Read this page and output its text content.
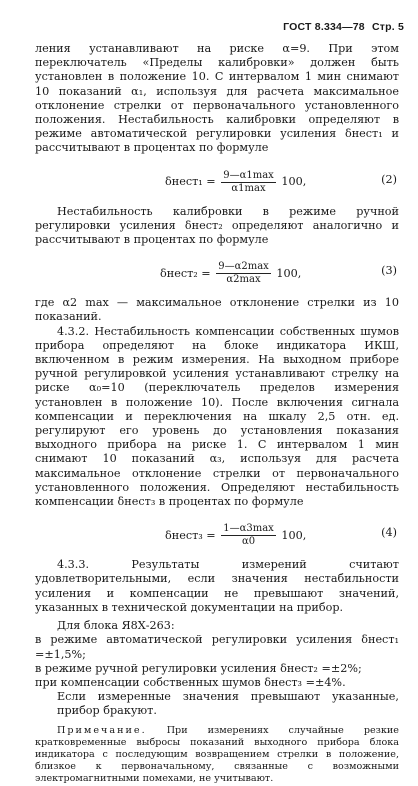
ГОСТ 8.334—78 Стр. 5

ления устанавливают на риске α=9. При этом переключатель «Пределы калибровки» должен быть установлен в положение 10. С интервалом 1 мин снимают 10 показаний α₁, используя для расчета максимальное отклонение стрелки от первоначального установленного положения. Нестабильность калибровки определяют в режиме автоматической регулировки усиления δнест₁ и рассчитывают в процентах по формуле

δнест₁ = $\frac{9—\alpha 1\max}{\alpha 1\max} 100$,	(2)

Нестабильность калибровки в режиме ручной регулировки усиления δнест₂ определяют аналогично и рассчитывают в процентах по формуле

δнест₂ = $\frac{9—\alpha 2\max}{\alpha 2\max} 100$,	(3)

где α2 max — максимальное отклонение стрелки из 10 показаний.

4.3.2. Нестабильность компенсации собственных шумов прибора определяют на блоке индикатора ИКШ, включенном в режим измерения. На выходном приборе ручной регулировкой усиления устанавливают стрелку на риске α₀=10 (переключатель пределов измерения установлен в положение 10). После включения сигнала компенсации и переключения на шкалу 2,5 отн. ед. регулируют его уровень до установления показания выходного прибора на риске 1. С интервалом 1 мин снимают 10 показаний α₃, используя для расчета максимальное отклонение стрелки от первоначального установленного положения. Определяют нестабильность компенсации δнест₃ в процентах по формуле

δнест₃ = $\frac{1—\alpha 3\max}{\alpha 0} 100$,	(4)

4.3.3. Результаты измерений считают удовлетворительными, если значения нестабильности усиления и компенсации не превышают значений, указанных в технической документации на прибор.

Для блока Я8Х-263:

в режиме автоматической регулировки усиления δнест₁ =±1,5%;

в режиме ручной регулировки усиления δнест₂ =±2%;

при компенсации собственных шумов δнест₃ =±4%.

Если измеренные значения превышают указанные, прибор бракуют.

Примечание. При измерениях случайные резкие кратковременные выбросы показаний выходного прибора блока индикатора с последующим возвращением стрелки в положение, близкое к первоначальному, связанные с возможными электромагнитными помехами, не учитывают.
